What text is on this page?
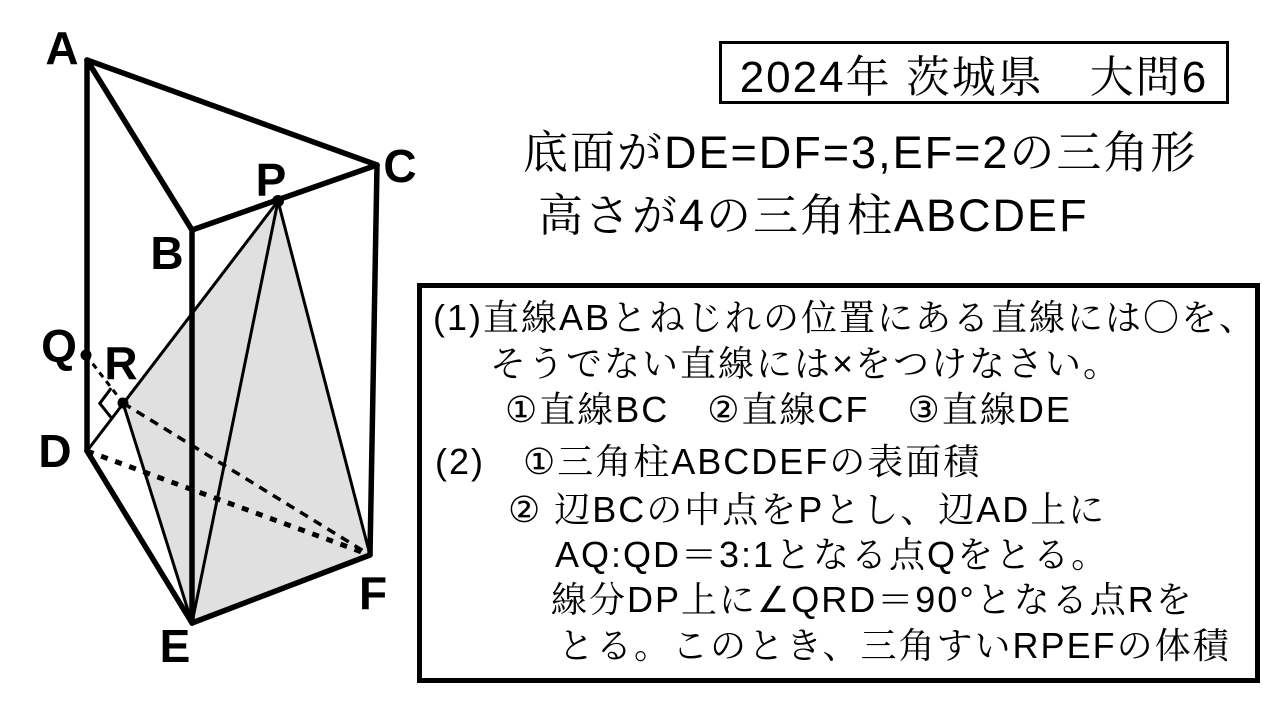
A
B
C
D
E
F
P
Q R
2024年 茨城県　大問6
底面がDE=DF=3,EF=2の三角形
高さが4の三角柱ABCDEF
(1)直線ABとねじれの位置にある直線には〇を、
そうでない直線には×をつけなさい。
①直線BC　②直線CF　③直線DE
(2)　①三角柱ABCDEFの表面積
② 辺BCの中点をPとし、辺AD上に
AQ:QD＝3:1となる点Qをとる。
線分DP上に∠QRD＝90°となる点Rを
とる。このとき、三角すいRPEFの体積
